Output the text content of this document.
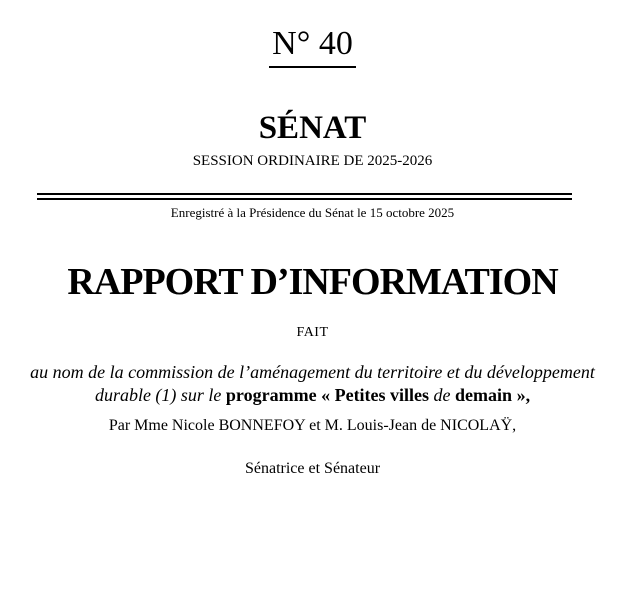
N° 40
SÉNAT
SESSION ORDINAIRE DE 2025-2026
Enregistré à la Présidence du Sénat le 15 octobre 2025
RAPPORT D’INFORMATION
FAIT
au nom de la commission de l’aménagement du territoire et du développement
durable (1) sur le programme « Petites villes de demain »,
Par Mme Nicole BONNEFOY et M. Louis-Jean de NICOLAŸ,
Sénatrice et Sénateur
